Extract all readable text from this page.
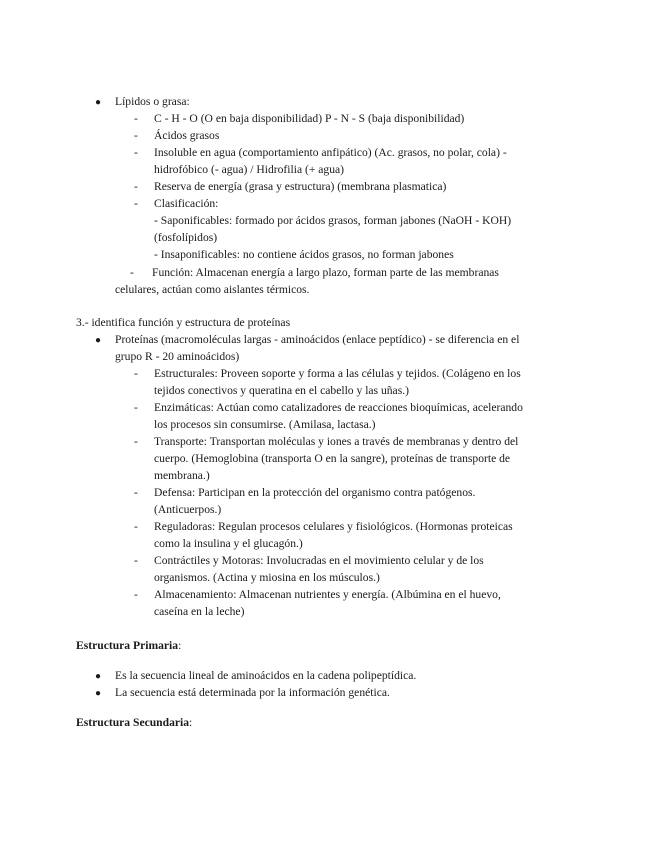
● Lípidos o grasa:
- C - H - O (O en baja disponibilidad) P - N - S (baja disponibilidad)
- Ácidos grasos
- Insoluble en agua (comportamiento anfipático) (Ac. grasos, no polar, cola) -
hidrofóbico (- agua) / Hidrofilia (+ agua)
- Reserva de energía (grasa y estructura) (membrana plasmatica)
- Clasificación:
- Saponificables: formado por ácidos grasos, forman jabones (NaOH - KOH)
(fosfolípidos)
- Insaponificables: no contiene ácidos grasos, no forman jabones
- Función: Almacenan energía a largo plazo, forman parte de las membranas
celulares, actúan como aislantes térmicos.
3.- identifica función y estructura de proteínas
● Proteínas (macromoléculas largas - aminoácidos (enlace peptídico) - se diferencia en el
grupo R - 20 aminoácidos)
- Estructurales: Proveen soporte y forma a las células y tejidos. (Colágeno en los
tejidos conectivos y queratina en el cabello y las uñas.)
- Enzimáticas: Actúan como catalizadores de reacciones bioquímicas, acelerando
los procesos sin consumirse. (Amilasa, lactasa.)
- Transporte: Transportan moléculas y iones a través de membranas y dentro del
cuerpo. (Hemoglobina (transporta O en la sangre), proteínas de transporte de
membrana.)
- Defensa: Participan en la protección del organismo contra patógenos.
(Anticuerpos.)
- Reguladoras: Regulan procesos celulares y fisiológicos. (Hormonas proteicas
como la insulina y el glucagón.)
- Contráctiles y Motoras: Involucradas en el movimiento celular y de los
organismos. (Actina y miosina en los músculos.)
- Almacenamiento: Almacenan nutrientes y energía. (Albúmina en el huevo,
caseína en la leche)
Estructura Primaria:
● Es la secuencia lineal de aminoácidos en la cadena polipeptídica.
● La secuencia está determinada por la información genética.
Estructura Secundaria:
